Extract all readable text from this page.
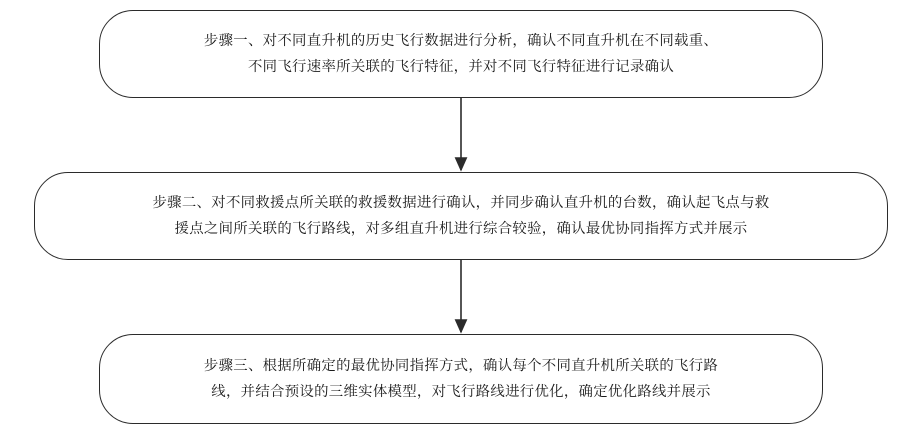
步骤一、对不同直升机的历史飞行数据进行分析，确认不同直升机在不同载重、
不同飞行速率所关联的飞行特征，并对不同飞行特征进行记录确认
步骤二、对不同救援点所关联的救援数据进行确认，并同步确认直升机的台数，确认起飞点与救
援点之间所关联的飞行路线，对多组直升机进行综合较验，确认最优协同指挥方式并展示
步骤三、根据所确定的最优协同指挥方式，确认每个不同直升机所关联的飞行路
线，并结合预设的三维实体模型，对飞行路线进行优化，确定优化路线并展示
